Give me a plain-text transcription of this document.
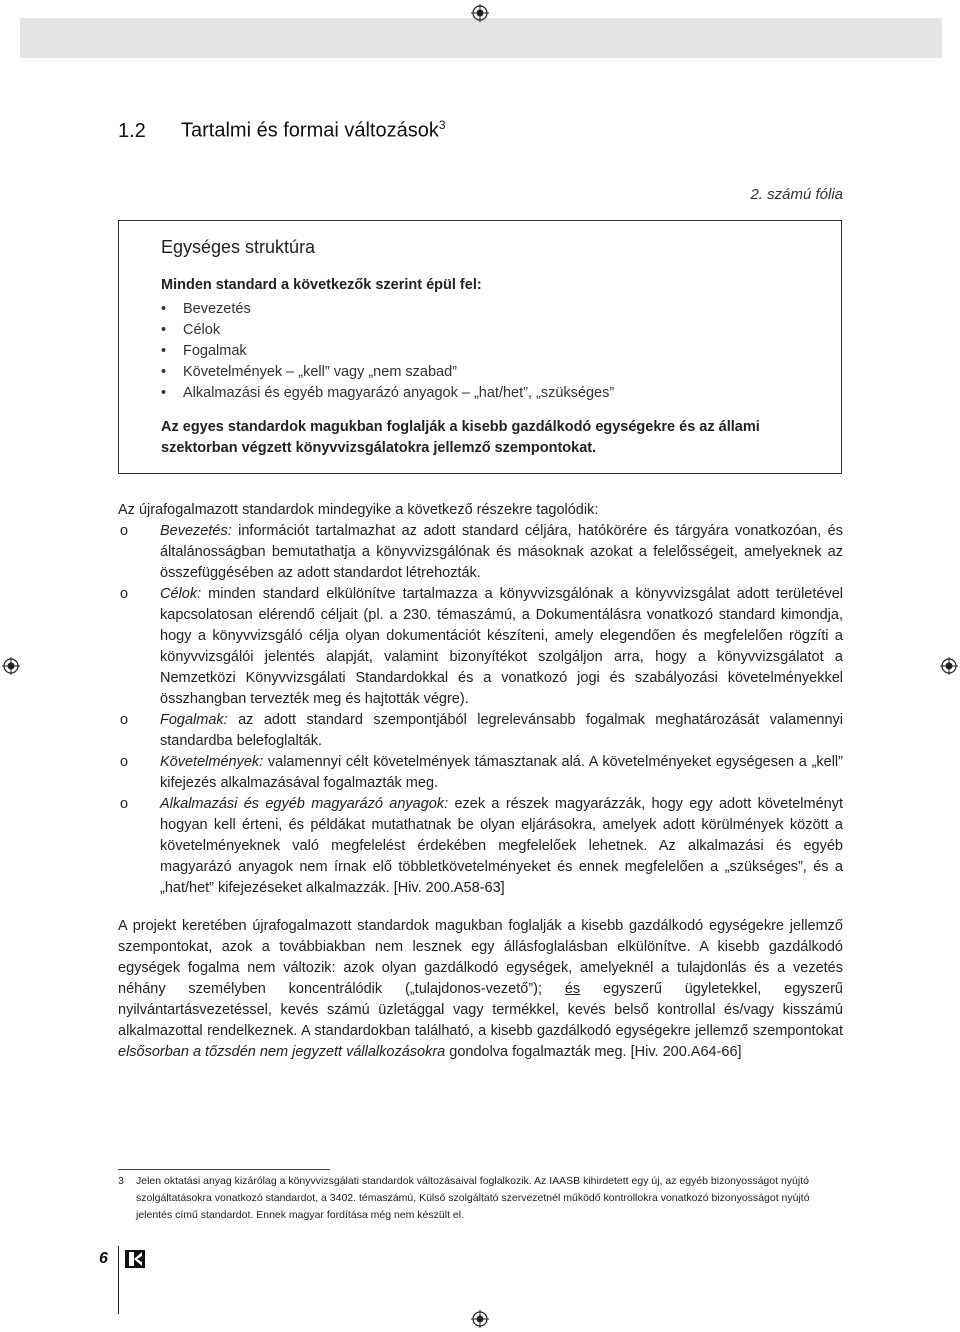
1.2 Tartalmi és formai változások$^3$
2. számú fólia
Egységes struktúra
Minden standard a következők szerint épül fel:
• Bevezetés
• Célok
• Fogalmak
• Követelmények – „kell” vagy „nem szabad”
• Alkalmazási és egyéb magyarázó anyagok – „hat/het”, „szükséges”
Az egyes standardok magukban foglalják a kisebb gazdálkodó egységekre és az állami szektorban végzett könyvvizsgálatokra jellemző szempontokat.

Az újrafogalmazott standardok mindegyike a következő részekre tagolódik:

o Bevezetés: információt tartalmazhat az adott standard céljára, hatókörére és tárgyára vonatkozóan, és általánosságban bemutathatja a könyvvizsgálónak és másoknak azokat a felelősségeit, amelyeknek az összefüggésében az adott standardot létrehozták.
o Célok: minden standard elkülönítve tartalmazza a könyvvizsgálónak a könyvvizsgálat adott területével kapcsolatosan elérendő céljait (pl. a 230. témaszámú, a Dokumentálásra vonatkozó standard kimondja, hogy a könyvvizsgáló célja olyan dokumentációt készíteni, amely elegendően és megfelelően rögzíti a könyvvizsgálói jelentés alapját, valamint bizonyítékot szolgáljon arra, hogy a könyvvizsgálatot a Nemzetközi Könyvvizsgálati Standardokkal és a vonatkozó jogi és szabályozási követelményekkel összhangban tervezték meg és hajtották végre).
o Fogalmak: az adott standard szempontjából legrelevánsabb fogalmak meghatározását valamennyi standardba belefoglalták.
o Követelmények: valamennyi célt követelmények támasztanak alá. A követelményeket egységesen a „kell” kifejezés alkalmazásával fogalmazták meg.
o Alkalmazási és egyéb magyarázó anyagok: ezek a részek magyarázzák, hogy egy adott követelményt hogyan kell érteni, és példákat mutathatnak be olyan eljárásokra, amelyek adott körülmények között a követelményeknek való megfelelést érdekében megfelelőek lehetnek. Az alkalmazási és egyéb magyarázó anyagok nem írnak elő többletkövetelményeket és ennek megfelelően a „szükséges”, és a „hat/het” kifejezéseket alkalmazzák. [Hiv. 200.A58-63]

A projekt keretében újrafogalmazott standardok magukban foglalják a kisebb gazdálkodó egységekre jellemző szempontokat, azok a továbbiakban nem lesznek egy állásfoglalásban elkülönítve. A kisebb gazdálkodó egységek fogalma nem változik: azok olyan gazdálkodó egységek, amelyeknél a tulajdonlás és a vezetés néhány személyben koncentrálódik („tulajdonos-vezető”); és egyszerű ügyletekkel, egyszerű nyilvántartásvezetéssel, kevés számú üzletággal vagy termékkel, kevés belső kontrollal és/vagy kisszámú alkalmazottal rendelkeznek. A standardokban található, a kisebb gazdálkodó egységekre jellemző szempontokat elsősorban a tőzsdén nem jegyzett vállalkozásokra gondolva fogalmazták meg. [Hiv. 200.A64-66]

3	Jelen oktatási anyag kizárólag a könyvvizsgálati standardok változásaival foglalkozik. Az IAASB kihirdetett egy új, az egyéb bizonyosságot nyújtó szolgáltatásokra vonatkozó standardot, a 3402. témaszámú, Külső szolgáltató szervezetnél működő kontrollokra vonatkozó bizonyosságot nyújtó jelentés című standardot. Ennek magyar fordítása még nem készült el.
6
